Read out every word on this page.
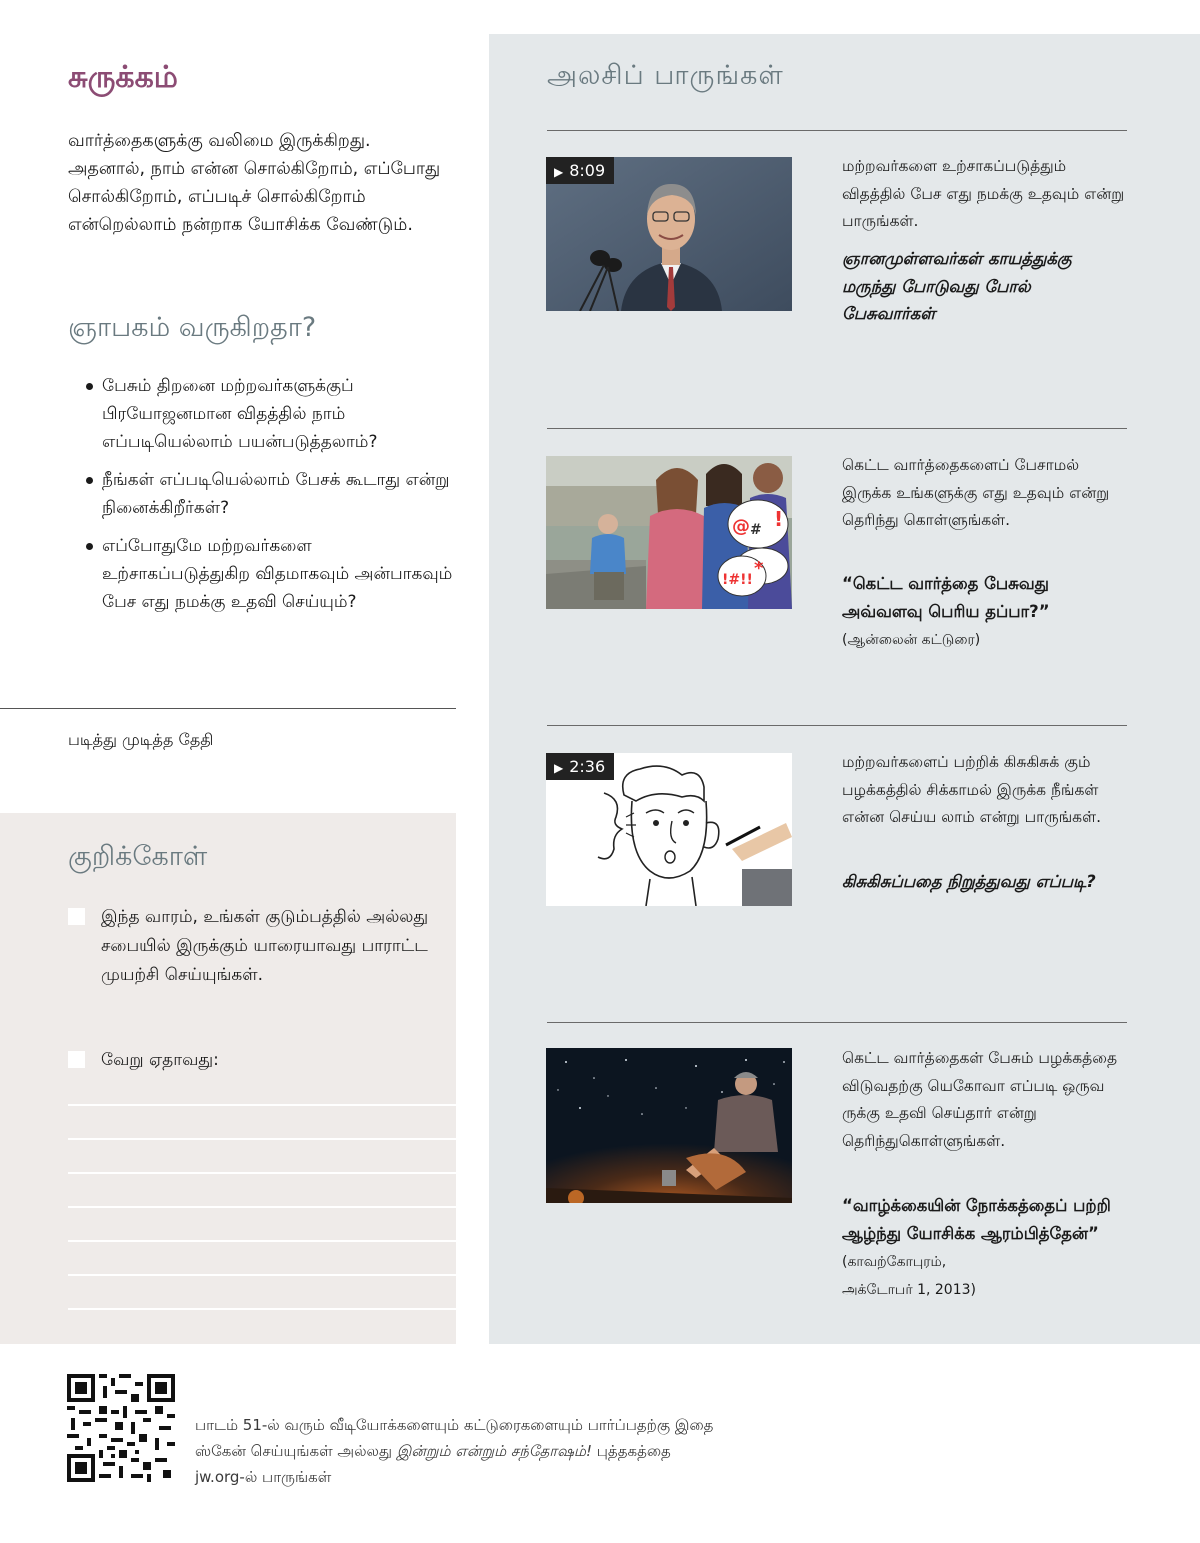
சுருக்கம்

வார்த்தைகளுக்கு வலிமை இருக்கிறது. அதனால், நாம் என்ன சொல்கிறோம், எப்போது சொல்கிறோம், எப்படிச் சொல்கிறோம் என்றெல்லாம் நன்றாக யோசிக்க வேண்டும்.

ஞாபகம் வருகிறதா?
பேசும் திறனை மற்றவர்களுக்குப் பிரயோஜனமான விதத்தில் நாம் எப்படியெல்லாம் பயன்படுத்தலாம்?
நீங்கள் எப்படியெல்லாம் பேசக் கூடாது என்று நினைக்கிறீர்கள்?
எப்போதுமே மற்றவர்களை உற்சாகப்படுத்துகிற விதமாகவும் அன்பாகவும் பேச எது நமக்கு உதவி செய்யும்?
படித்து முடித்த தேதி
குறிக்கோள்
இந்த வாரம், உங்கள் குடும்பத்தில் அல்லது சபையில் இருக்கும் யாரையாவது பாராட்ட முயற்சி செய்யுங்கள்.
வேறு ஏதாவது:
அலசிப் பாருங்கள்
▶ 8:09	மற்றவர்களை உற்சாகப்படுத்தும் விதத்தில் பேச எது நமக்கு உதவும் என்று பாருங்கள்.

ஞானமுள்ளவர்கள் காயத்துக்கு மருந்து போடுவது போல் பேசுவார்கள்

@ # !
*
!#!!

கெட்ட வார்த்தைகளைப் பேசாமல் இருக்க உங்களுக்கு எது உதவும் என்று தெரிந்து கொள்ளுங்கள்.

“கெட்ட வார்த்தை பேசுவது அவ்வளவு பெரிய தப்பா?”
(ஆன்லைன் கட்டுரை)

▶ 2:36	மற்றவர்களைப் பற்றிக் கிசுகிசுக் கும் பழக்கத்தில் சிக்காமல் இருக்க நீங்கள் என்ன செய்ய லாம் என்று பாருங்கள்.

கிசுகிசுப்பதை நிறுத்துவது எப்படி?

கெட்ட வார்த்தைகள் பேசும் பழக்கத்தை விடுவதற்கு யெகோவா எப்படி ஒருவ ருக்கு உதவி செய்தார் என்று தெரிந்துகொள்ளுங்கள்.

“வாழ்க்கையின் நோக்கத்தைப் பற்றி ஆழ்ந்து யோசிக்க ஆரம்பித்தேன்” (காவற்கோபுரம்,
அக்டோபர் 1, 2013)

பாடம் 51-ல் வரும் வீடியோக்களையும் கட்டுரைகளையும் பார்ப்பதற்கு இதை ஸ்கேன் செய்யுங்கள் அல்லது இன்றும் என்றும் சந்தோஷம்! புத்தகத்தை jw.org-ல் பாருங்கள்
